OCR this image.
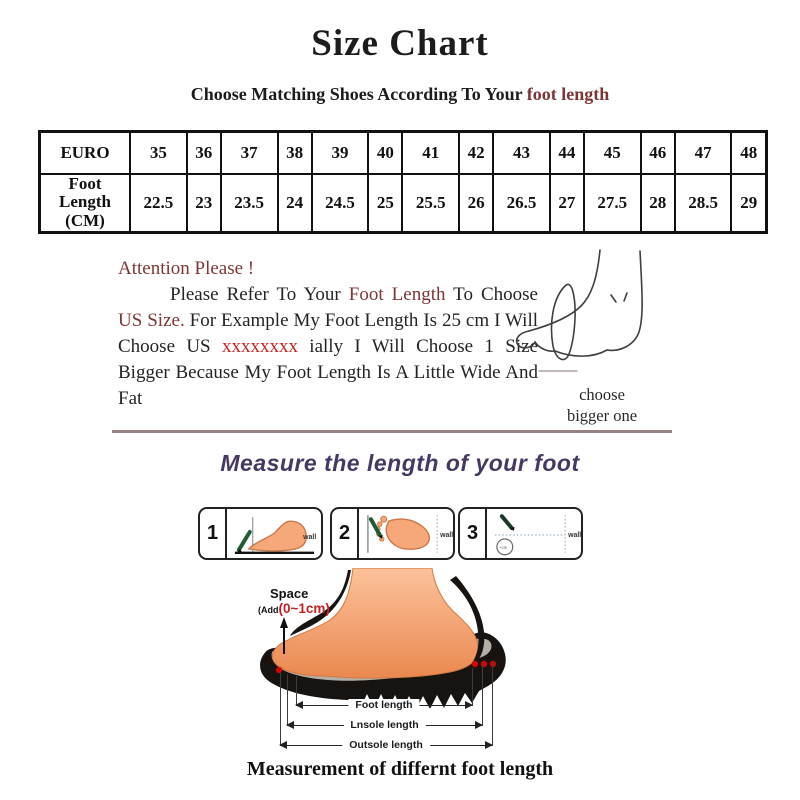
Size Chart
Choose Matching Shoes According To Your foot length
EURO	35	36	37	38	39	40	41	42	43	44	45	46	47	48
Foot Length (CM)	22.5	23	23.5	24	24.5	25	25.5	26	26.5	27	27.5	28	28.5	29
Attention Please !

Please Refer To Your Foot Length To Choose US Size. For Example My Foot Length Is 25 cm I Will Choose US xxxxxxxx ially I Will Choose 1 Size Bigger Because My Foot Length Is A Little Wide And Fat	choose
bigger one
Measure the length of your foot
1	wall	2	wall 3
~cm
wall
Space
(Add(0~1cm)
Foot length
Lnsole length
Outsole length
Measurement of differnt foot length
